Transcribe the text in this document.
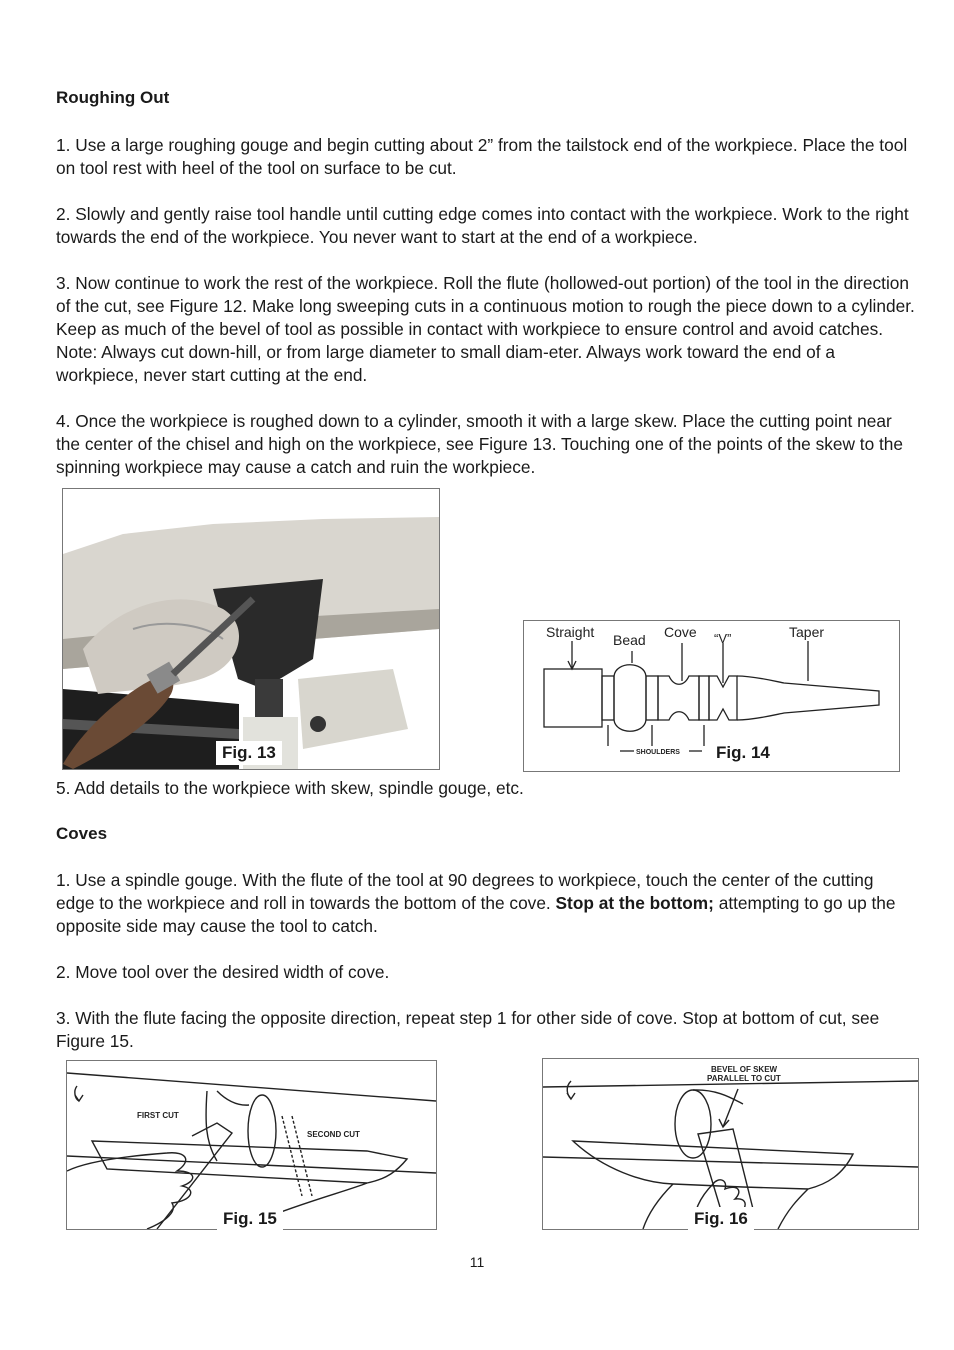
Roughing Out

1. Use a large roughing gouge and begin cutting about 2” from the tailstock end of the workpiece. Place the tool on tool rest with heel of the tool on surface to be cut.

2. Slowly and gently raise tool handle until cutting edge comes into contact with the workpiece. Work to the right towards the end of the workpiece. You never want to start at the end of a workpiece.

3. Now continue to work the rest of the workpiece. Roll the flute (hollowed-out portion) of the tool in the direction of the cut, see Figure 12. Make long sweeping cuts in a continuous motion to rough the piece down to a cylinder. Keep as much of the bevel of tool as possible in contact with workpiece to ensure control and avoid catches. Note: Always cut down-hill, or from large diameter to small diam-eter. Always work toward the end of a workpiece, never start cutting at the end.

4. Once the workpiece is roughed down to a cylinder, smooth it with a large skew. Place the cutting point near the center of the chisel and high on the workpiece, see Figure 13. Touching one of the points of the skew to the spinning workpiece may cause a catch and ruin the workpiece.

Fig. 13
Straight Bead Cove “V”	Taper
SHOULDERS	Fig. 14

5. Add details to the workpiece with skew, spindle gouge, etc.

Coves

1. Use a spindle gouge. With the flute of the tool at 90 degrees to workpiece, touch the center of the cutting edge to the workpiece and roll in towards the bottom of the cove. Stop at the bottom; attempting to go up the opposite side may cause the tool to catch.

2. Move tool over the desired width of cove.

3. With the flute facing the opposite direction, repeat step 1 for other side of cove. Stop at bottom of cut, see Figure 15.

FIRST CUT
SECOND CUT
Fig. 15
BEVEL OF SKEW
PARALLEL TO CUT
Fig. 16
11
